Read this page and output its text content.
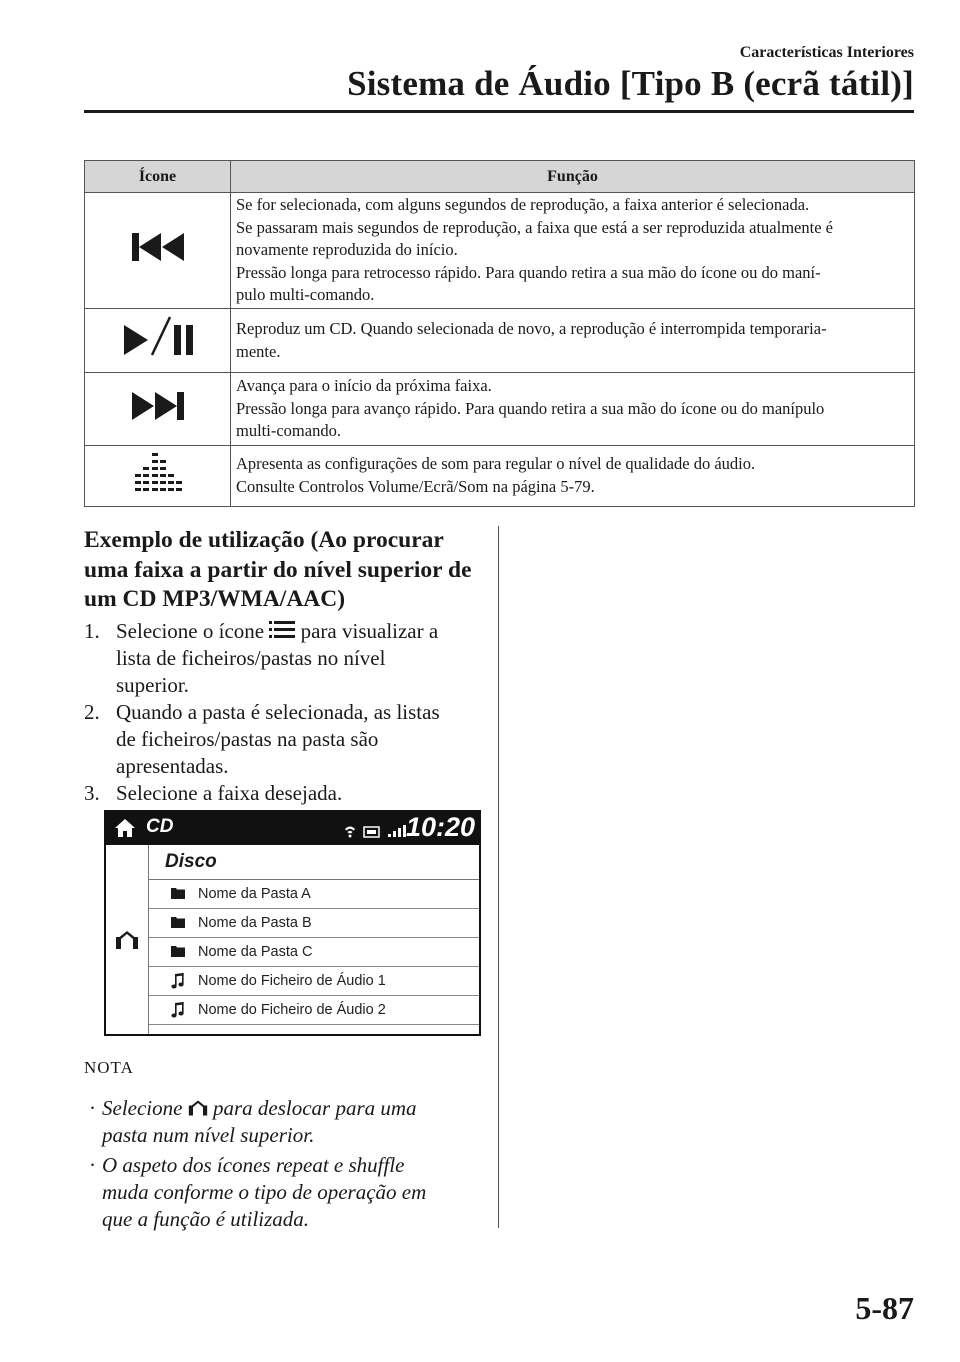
Características Interiores
Sistema de Áudio [Tipo B (ecrã tátil)]
Ícone	Função

Se for selecionada, com alguns segundos de reprodução, a faixa anterior é selecionada.
Se passaram mais segundos de reprodução, a faixa que está a ser reproduzida atualmente é
novamente reproduzida do início.
Pressão longa para retrocesso rápido. Para quando retira a sua mão do ícone ou do maní-
pulo multi-comando.

Reproduz um CD. Quando selecionada de novo, a reprodução é interrompida temporaria-
mente.

Avança para o início da próxima faixa.
Pressão longa para avanço rápido. Para quando retira a sua mão do ícone ou do manípulo
multi-comando.

Apresenta as configurações de som para regular o nível de qualidade do áudio.
Consulte Controlos Volume/Ecrã/Som na página 5-79.
Exemplo de utilização (Ao procurar
uma faixa a partir do nível superior de
um CD MP3/WMA/AAC)
1. Selecione o ícone para visualizar a
lista de ficheiros/pastas no nível
superior.
2. Quando a pasta é selecionada, as listas
de ficheiros/pastas na pasta são
apresentadas.
3. Selecione a faixa desejada.
CD	10:20
Disco
Nome da Pasta A
Nome da Pasta B
Nome da Pasta C
Nome do Ficheiro de Áudio 1
Nome do Ficheiro de Áudio 2
NOTA
· Selecione para deslocar para uma
pasta num nível superior.
· O aspeto dos ícones repeat e shuffle
muda conforme o tipo de operação em
que a função é utilizada.
5-87
